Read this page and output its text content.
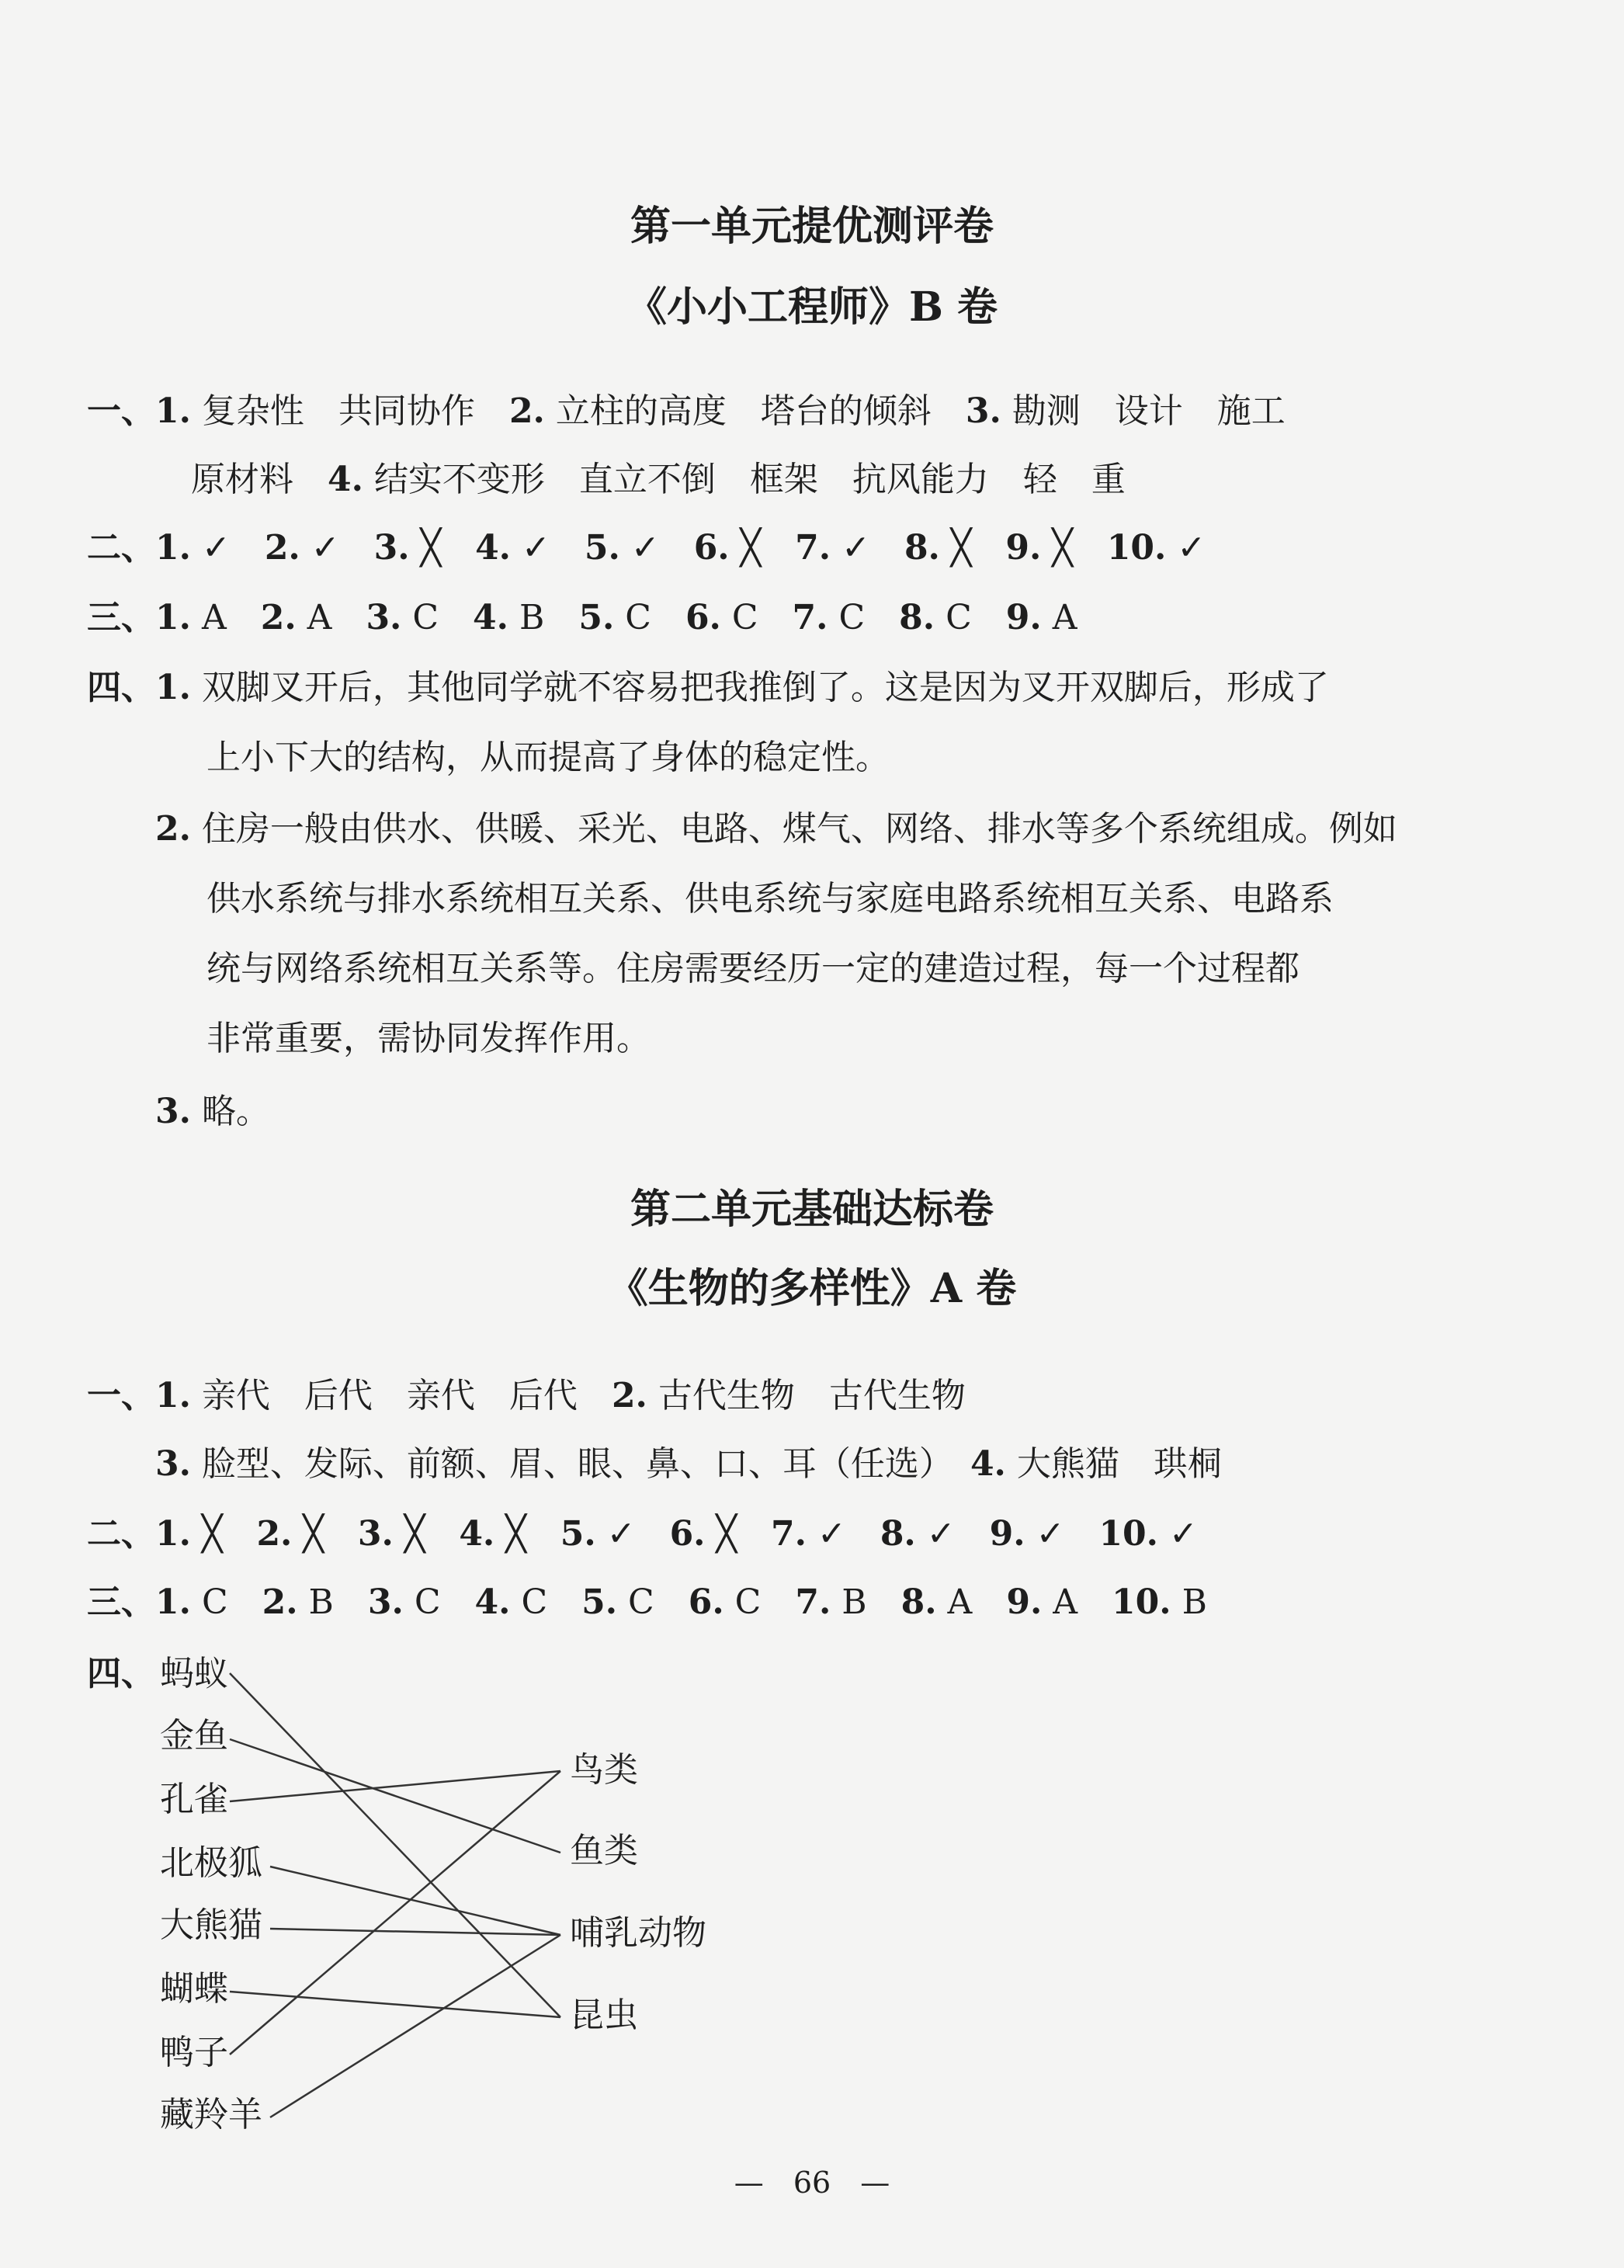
第一单元提优测评卷
《小小工程师》B 卷
一、1. 复杂性　共同协作　 2. 立柱的高度　塔台的倾斜　 3. 勘测　设计　施工
原材料　 4. 结实不变形　直立不倒　框架　抗风能力　轻　重
二、1. ✓　 2. ✓　 3. ╳　 4. ✓　 5. ✓　 6. ╳　 7. ✓　 8. ╳　 9. ╳　 10. ✓
三、1. A　 2. A　 3. C　 4. B　 5. C　 6. C　 7. C　 8. C　 9. A
四、1. 双脚叉开后，其他同学就不容易把我推倒了。这是因为叉开双脚后，形成了
上小下大的结构，从而提高了身体的稳定性。
2. 住房一般由供水、供暖、采光、电路、煤气、网络、排水等多个系统组成。例如
供水系统与排水系统相互关系、供电系统与家庭电路系统相互关系、电路系
统与网络系统相互关系等。住房需要经历一定的建造过程，每一个过程都
非常重要，需协同发挥作用。
3. 略。
第二单元基础达标卷
《生物的多样性》A 卷
一、1. 亲代　后代　亲代　后代　 2. 古代生物　古代生物
3. 脸型、发际、前额、眉、眼、鼻、口、耳（任选）　 4. 大熊猫　珙桐
二、1. ╳　 2. ╳　 3. ╳　 4. ╳　 5. ✓　 6. ╳　 7. ✓　 8. ✓　 9. ✓　 10. ✓
三、1. C　 2. B　 3. C　 4. C　 5. C　 6. C　 7. B　 8. A　 9. A　 10. B
四、 蚂蚁
金鱼
孔雀
北极狐
大熊猫
蝴蝶
鸭子
藏羚羊
鸟类
鱼类
哺乳动物
昆虫
—　 66　 —
